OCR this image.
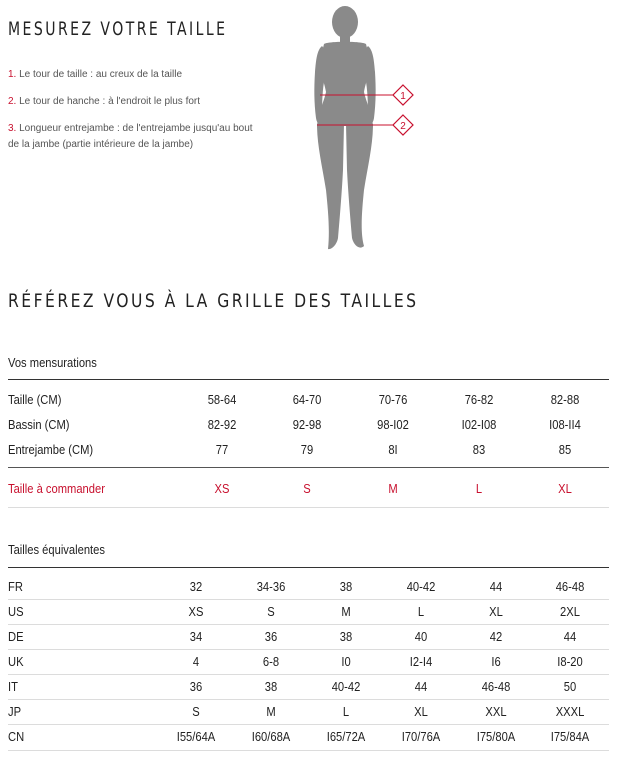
MESUREZ VOTRE TAILLE
1. Le tour de taille : au creux de la taille
2. Le tour de hanche : à l'endroit le plus fort
3. Longueur entrejambe : de l'entrejambe jusqu'au bout de la jambe (partie intérieure de la jambe)
1
2
RÉFÉREZ VOUS À LA GRILLE DES TAILLES
Vos mensurations
Taille (CM)	58-64	64-70	70-76	76-82	82-88
Bassin (CM)	82-92	92-98	98-I02	I02-I08	I08-II4
Entrejambe (CM)	77	79	8I	83	85
Taille à commander	XS	S	M	L	XL
Tailles équivalentes
FR	32	34-36	38	40-42	44	46-48
US	XS	S	M	L	XL	2XL
DE	34	36	38	40	42	44
UK	4	6-8	I0	I2-I4	I6	I8-20
IT	36	38	40-42	44	46-48	50
JP	S	M	L	XL	XXL	XXXL
CN	I55/64A	I60/68A	I65/72A	I70/76A	I75/80A	I75/84A
